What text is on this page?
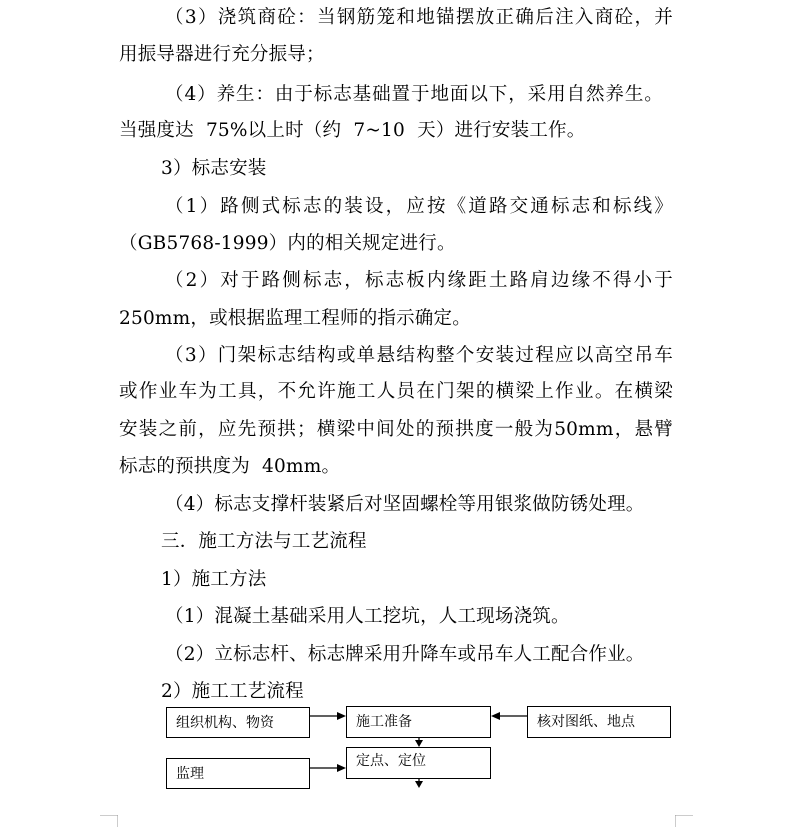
（3）浇筑商砼：当钢筋笼和地锚摆放正确后注入商砼，并
用振导器进行充分振导；
（4）养生：由于标志基础置于地面以下，采用自然养生。
当强度达  75%以上时（约  7~10  天）进行安装工作。
3）标志安装
（1）路侧式标志的装设，应按《道路交通标志和标线》
（GB5768-1999）内的相关规定进行。
（2）对于路侧标志，标志板内缘距土路肩边缘不得小于
250mm，或根据监理工程师的指示确定。
（3）门架标志结构或单悬结构整个安装过程应以高空吊车
或作业车为工具，不允许施工人员在门架的横梁上作业。在横梁
安装之前，应先预拱；横梁中间处的预拱度一般为50mm，悬臂
标志的预拱度为  40mm。
（4）标志支撑杆装紧后对坚固螺栓等用银浆做防锈处理。
三．施工方法与工艺流程
1）施工方法
（1）混凝土基础采用人工挖坑，人工现场浇筑。
（2）立标志杆、标志牌采用升降车或吊车人工配合作业。
2）施工工艺流程
组织机构、物资	施工准备	核对图纸、地点
定点、定位
监理
